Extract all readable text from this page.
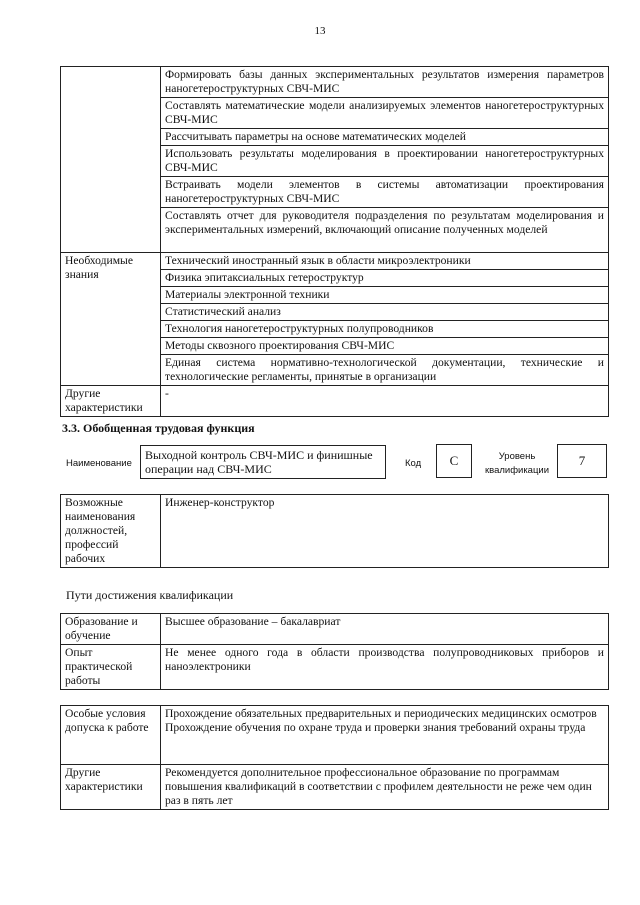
13
	Формировать базы данных экспериментальных результатов измерения параметров наногетероструктурных СВЧ-МИС
	Составлять математические модели анализируемых элементов наногетероструктурных СВЧ-МИС
	Рассчитывать параметры на основе математических моделей
	Использовать результаты моделирования в проектировании наногетероструктурных СВЧ-МИС
	Встраивать модели элементов в системы автоматизации проектирования наногетероструктурных СВЧ-МИС
	Составлять отчет для руководителя подразделения по результатам моделирования и экспериментальных измерений, включающий описание полученных моделей
Необходимые знания	Технический иностранный язык в области микроэлектроники
	Физика эпитаксиальных гетероструктур
	Материалы электронной техники
	Статистический анализ
	Технология наногетероструктурных полупроводников
	Методы сквозного проектирования СВЧ-МИС
	Единая система нормативно-технологической документации, технические и технологические регламенты, принятые в организации
Другие характеристики	-
3.3. Обобщенная трудовая функция
Наименование
Выходной контроль СВЧ-МИС и финишные операции над СВЧ-МИС	Код	C	Уровень квалификации
7
Возможные наименования должностей, профессий рабочих	Инженер-конструктор
Пути достижения квалификации
Образование и обучение	Высшее образование – бакалавриат
Опыт практической работы	Не менее одного года в области производства полупроводниковых приборов и наноэлектроники
Особые условия допуска к работе	Прохождение обязательных предварительных и периодических медицинских осмотров
Прохождение обучения по охране труда и проверки знания требований охраны труда

Другие характеристики	Рекомендуется дополнительное профессиональное образование по программам повышения квалификаций в соответствии с профилем деятельности не реже чем один раз в пять лет
